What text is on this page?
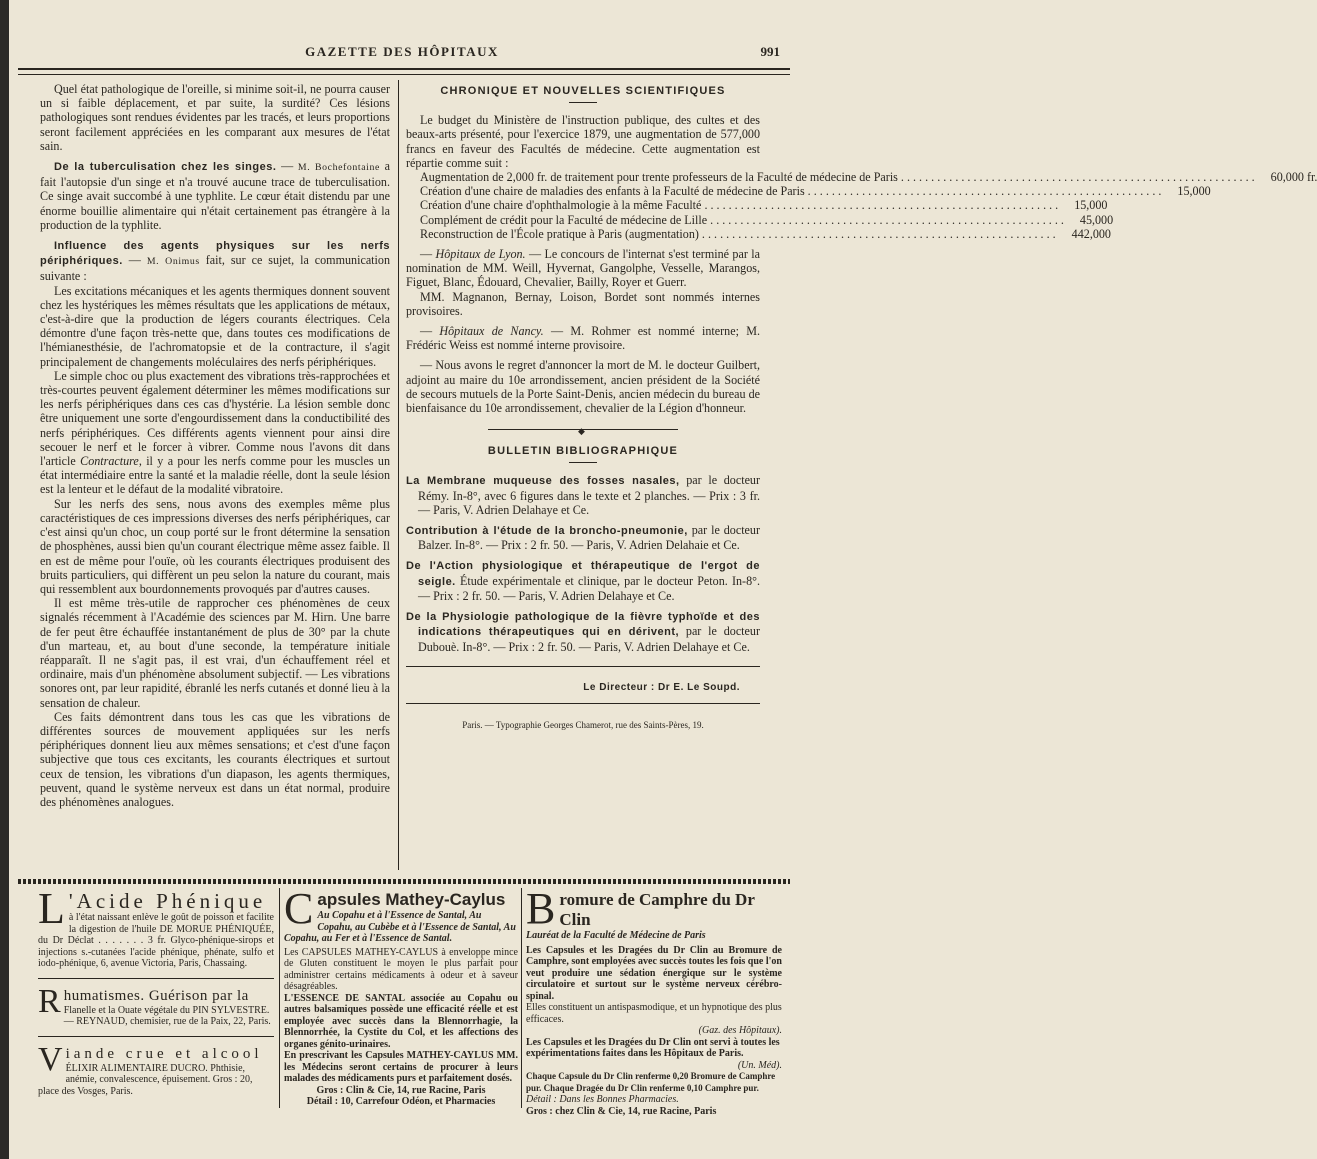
GAZETTE DES HÔPITAUX	991

Quel état pathologique de l'oreille, si minime soit-il, ne pourra causer un si faible déplacement, et par suite, la surdité? Ces lésions pathologiques sont rendues évidentes par les tracés, et leurs proportions seront facilement appréciées en les comparant aux mesures de l'état sain.

De la tuberculisation chez les singes. — M. Bochefontaine a fait l'autopsie d'un singe et n'a trouvé aucune trace de tuberculisation. Ce singe avait succombé à une typhlite. Le cœur était distendu par une énorme bouillie alimentaire qui n'était certainement pas étrangère à la production de la typhlite.

Influence des agents physiques sur les nerfs périphériques. — M. Onimus fait, sur ce sujet, la communication suivante :

Les excitations mécaniques et les agents thermiques donnent souvent chez les hystériques les mêmes résultats que les applications de métaux, c'est-à-dire que la production de légers courants électriques. Cela démontre d'une façon très-nette que, dans toutes ces modifications de l'hémianesthésie, de l'achromatopsie et de la contracture, il s'agit principalement de changements moléculaires des nerfs périphériques.

Le simple choc ou plus exactement des vibrations très-rapprochées et très-courtes peuvent également déterminer les mêmes modifications sur les nerfs périphériques dans ces cas d'hystérie. La lésion semble donc être uniquement une sorte d'engourdissement dans la conductibilité des nerfs périphériques. Ces différents agents viennent pour ainsi dire secouer le nerf et le forcer à vibrer. Comme nous l'avons dit dans l'article Contracture, il y a pour les nerfs comme pour les muscles un état intermédiaire entre la santé et la maladie réelle, dont la seule lésion est la lenteur et le défaut de la modalité vibratoire.

Sur les nerfs des sens, nous avons des exemples même plus caractéristiques de ces impressions diverses des nerfs périphériques, car c'est ainsi qu'un choc, un coup porté sur le front détermine la sensation de phosphènes, aussi bien qu'un courant électrique même assez faible. Il en est de même pour l'ouïe, où les courants électriques produisent des bruits particuliers, qui diffèrent un peu selon la nature du courant, mais qui ressemblent aux bourdonnements provoqués par d'autres causes.

Il est même très-utile de rapprocher ces phénomènes de ceux signalés récemment à l'Académie des sciences par M. Hirn. Une barre de fer peut être échauffée instantanément de plus de 30° par la chute d'un marteau, et, au bout d'une seconde, la température initiale réapparaît. Il ne s'agit pas, il est vrai, d'un échauffement réel et ordinaire, mais d'un phénomène absolument subjectif. — Les vibrations sonores ont, par leur rapidité, ébranlé les nerfs cutanés et donné lieu à la sensation de chaleur.

Ces faits démontrent dans tous les cas que les vibrations de différentes sources de mouvement appliquées sur les nerfs périphériques donnent lieu aux mêmes sensations; et c'est d'une façon subjective que tous ces excitants, les courants électriques et surtout ceux de tension, les vibrations d'un diapason, les agents thermiques, peuvent, quand le système nerveux est dans un état normal, produire des phénomènes analogues.

CHRONIQUE ET NOUVELLES SCIENTIFIQUES

Le budget du Ministère de l'instruction publique, des cultes et des beaux-arts présenté, pour l'exercice 1879, une augmentation de 577,000 francs en faveur des Facultés de médecine. Cette augmentation est répartie comme suit :

Augmentation de 2,000 fr. de traitement pour trente professeurs de la Faculté de médecine de Paris . . .	60,000 fr.
Création d'une chaire de maladies des enfants à la Faculté de médecine de Paris . . .	15,000
Création d'une chaire d'ophthalmologie à la même Faculté . . .	15,000
Complément de crédit pour la Faculté de médecine de Lille . . .	45,000
Reconstruction de l'École pratique à Paris (augmentation) . . .	442,000

— Hôpitaux de Lyon. — Le concours de l'internat s'est terminé par la nomination de MM. Weill, Hyvernat, Gangolphe, Vesselle, Marangos, Figuet, Blanc, Édouard, Chevalier, Bailly, Royer et Guerr.

MM. Magnanon, Bernay, Loison, Bordet sont nommés internes provisoires.

— Hôpitaux de Nancy. — M. Rohmer est nommé interne; M. Frédéric Weiss est nommé interne provisoire.

— Nous avons le regret d'annoncer la mort de M. le docteur Guilbert, adjoint au maire du 10e arrondissement, ancien président de la Société de secours mutuels de la Porte Saint-Denis, ancien médecin du bureau de bienfaisance du 10e arrondissement, chevalier de la Légion d'honneur.

◆
BULLETIN BIBLIOGRAPHIQUE

La Membrane muqueuse des fosses nasales, par le docteur Rémy. In-8°, avec 6 figures dans le texte et 2 planches. — Prix : 3 fr. — Paris, V. Adrien Delahaye et Ce.

Contribution à l'étude de la broncho-pneumonie, par le docteur Balzer. In-8°. — Prix : 2 fr. 50. — Paris, V. Adrien Delahaie et Ce.

De l'Action physiologique et thérapeutique de l'ergot de seigle. Étude expérimentale et clinique, par le docteur Peton. In-8°. — Prix : 2 fr. 50. — Paris, V. Adrien Delahaye et Ce.

De la Physiologie pathologique de la fièvre typhoïde et des indications thérapeutiques qui en dérivent, par le docteur Dubouè. In-8°. — Prix : 2 fr. 50. — Paris, V. Adrien Delahaye et Ce.

Le Directeur : Dr E. Le Soupd.
Paris. — Typographie Georges Chamerot, rue des Saints-Pères, 19.
L 'Acide Phénique
à l'état naissant enlève le goût de poisson et facilite la digestion de l'huile DE MORUE PHÉNIQUÉE, du Dr Déclat . . . . . . . 3 fr. Glyco-phénique-sirops et injections s.-cutanées l'acide phénique, phénate, sulfo et iodo-phénique, 6, avenue Victoria, Paris, Chassaing.
R humatismes. Guérison par la
Flanelle et la Ouate végétale du PIN SYLVESTRE. — REYNAUD, chemisier, rue de la Paix, 22, Paris.
V iande crue et alcool
ÉLIXIR ALIMENTAIRE DUCRO. Phthisie, anémie, convalescence, épuisement. Gros : 20, place des Vosges, Paris.
C apsules Mathey-Caylus
Au Copahu et à l'Essence de Santal, Au Copahu, au Cubèbe et à l'Essence de Santal, Au Copahu, au Fer et à l'Essence de Santal.
Les CAPSULES MATHEY-CAYLUS à enveloppe mince de Gluten constituent le moyen le plus parfait pour administrer certains médicaments à odeur et à saveur désagréables.
L'ESSENCE DE SANTAL associée au Copahu ou autres balsamiques possède une efficacité réelle et est employée avec succès dans la Blennorrhagie, la Blennorrhée, la Cystite du Col, et les affections des organes génito-urinaires.
En prescrivant les Capsules MATHEY-CAYLUS MM. les Médecins seront certains de procurer à leurs malades des médicaments purs et parfaitement dosés.
Gros : Clin & Cie, 14, rue Racine, Paris
Détail : 10, Carrefour Odéon, et Pharmacies
B romure de Camphre du Dr Clin
Lauréat de la Faculté de Médecine de Paris
Les Capsules et les Dragées du Dr Clin au Bromure de Camphre, sont employées avec succès toutes les fois que l'on veut produire une sédation énergique sur le système circulatoire et surtout sur le système nerveux cérébro-spinal.
Elles constituent un antispasmodique, et un hypnotique des plus efficaces.
(Gaz. des Hôpitaux).
Les Capsules et les Dragées du Dr Clin ont servi à toutes les expérimentations faites dans les Hôpitaux de Paris.
(Un. Méd).
Chaque Capsule du Dr Clin renferme 0,20 Bromure de Camphre pur. Chaque Dragée du Dr Clin renferme 0,10 Camphre pur.
Détail : Dans les Bonnes Pharmacies.
Gros : chez Clin & Cie, 14, rue Racine, Paris
